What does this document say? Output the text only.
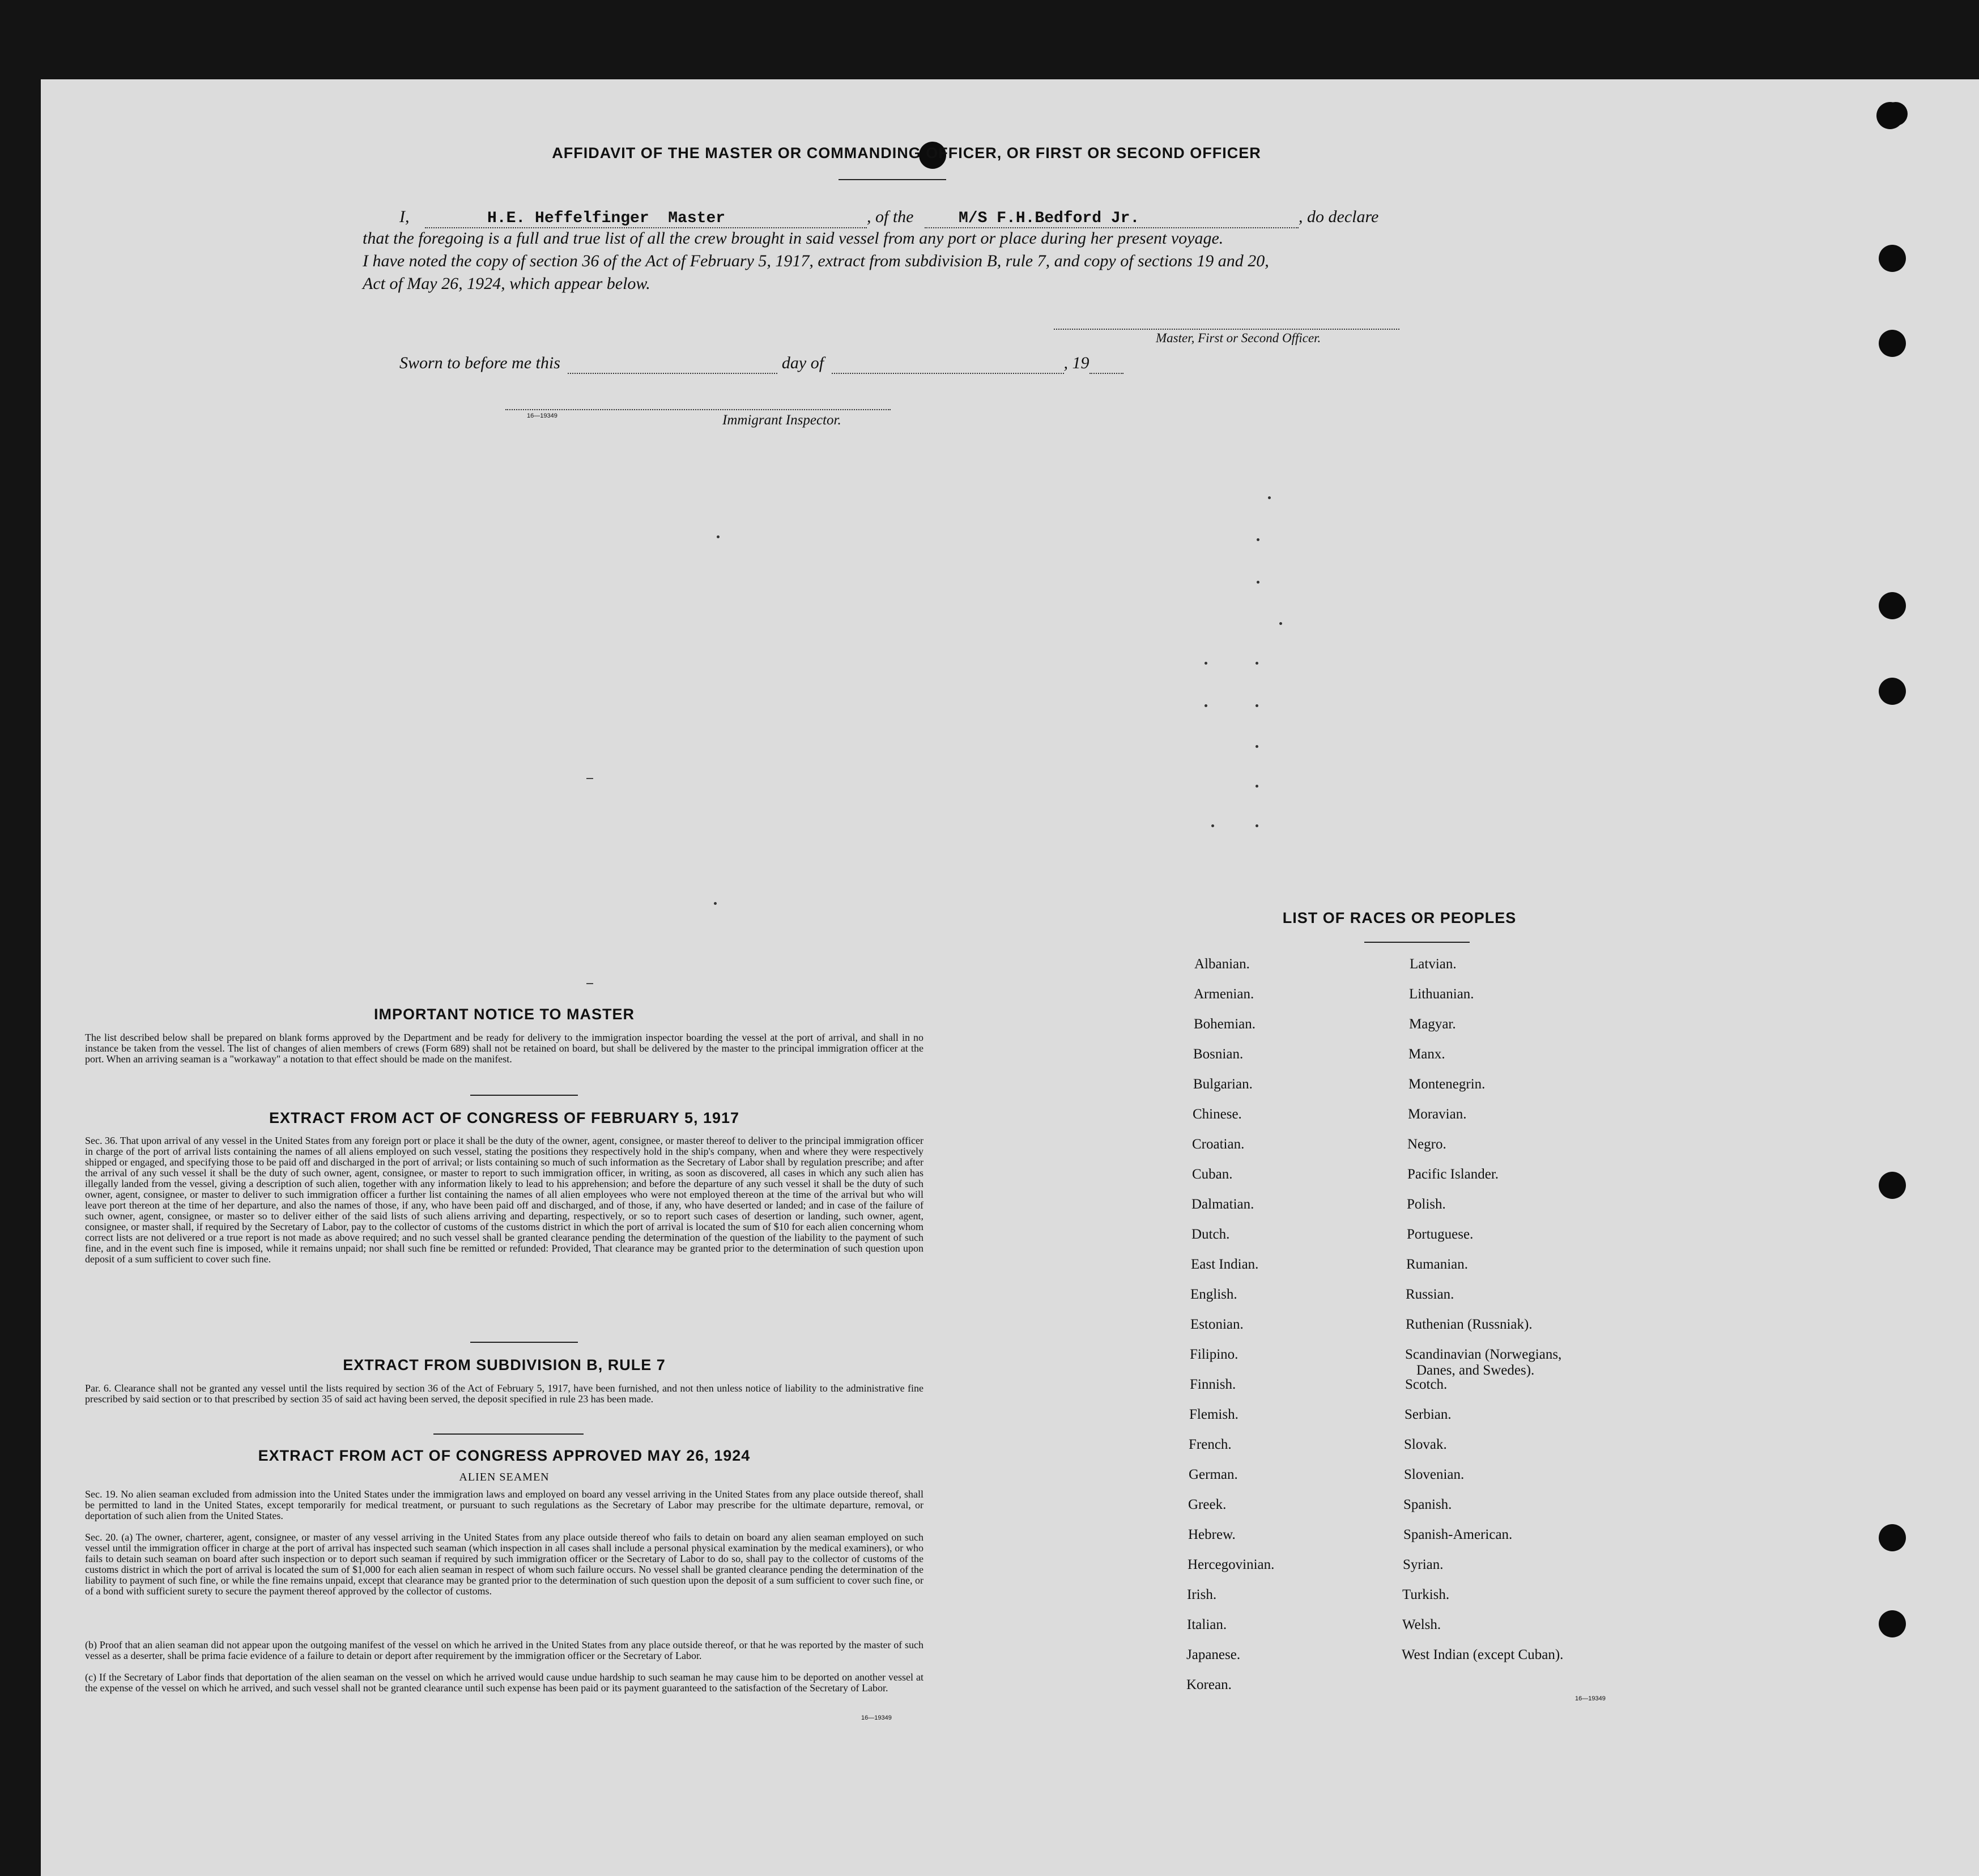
AFFIDAVIT OF THE MASTER OR COMMANDING OFFICER, OR FIRST OR SECOND OFFICER
I,	H.E. Heffelfinger  Master	, of the	M/S F.H.Bedford Jr.	, do declare
that the foregoing is a full and true list of all the crew brought in said vessel from any port or place during her present voyage.
I have noted the copy of section 36 of the Act of February 5, 1917, extract from subdivision B, rule 7, and copy of sections 19 and 20,
Act of May 26, 1924, which appear below.
Master, First or Second Officer.
Sworn to before me this	day of	, 19
16—19349	Immigrant Inspector.
IMPORTANT NOTICE TO MASTER

The list described below shall be prepared on blank forms approved by the Department and be ready for delivery to the immigration inspector boarding the vessel at the port of arrival, and shall in no instance be taken from the vessel. The list of changes of alien members of crews (Form 689) shall not be retained on board, but shall be delivered by the master to the principal immigration officer at the port. When an arriving seaman is a "workaway" a notation to that effect should be made on the manifest.

EXTRACT FROM ACT OF CONGRESS OF FEBRUARY 5, 1917

Sec. 36. That upon arrival of any vessel in the United States from any foreign port or place it shall be the duty of the owner, agent, consignee, or master thereof to deliver to the principal immigration officer in charge of the port of arrival lists containing the names of all aliens employed on such vessel, stating the positions they respectively hold in the ship's company, when and where they were respectively shipped or engaged, and specifying those to be paid off and discharged in the port of arrival; or lists containing so much of such information as the Secretary of Labor shall by regulation prescribe; and after the arrival of any such vessel it shall be the duty of such owner, agent, consignee, or master to report to such immigration officer, in writing, as soon as discovered, all cases in which any such alien has illegally landed from the vessel, giving a description of such alien, together with any information likely to lead to his apprehension; and before the departure of any such vessel it shall be the duty of such owner, agent, consignee, or master to deliver to such immigration officer a further list containing the names of all alien employees who were not employed thereon at the time of the arrival but who will leave port thereon at the time of her departure, and also the names of those, if any, who have been paid off and discharged, and of those, if any, who have deserted or landed; and in case of the failure of such owner, agent, consignee, or master so to deliver either of the said lists of such aliens arriving and departing, respectively, or so to report such cases of desertion or landing, such owner, agent, consignee, or master shall, if required by the Secretary of Labor, pay to the collector of customs of the customs district in which the port of arrival is located the sum of $10 for each alien concerning whom correct lists are not delivered or a true report is not made as above required; and no such vessel shall be granted clearance pending the determination of the question of the liability to the payment of such fine, and in the event such fine is imposed, while it remains unpaid; nor shall such fine be remitted or refunded: Provided, That clearance may be granted prior to the determination of such question upon deposit of a sum sufficient to cover such fine.

EXTRACT FROM SUBDIVISION B, RULE 7

Par. 6. Clearance shall not be granted any vessel until the lists required by section 36 of the Act of February 5, 1917, have been furnished, and not then unless notice of liability to the administrative fine prescribed by said section or to that prescribed by section 35 of said act having been served, the deposit specified in rule 23 has been made.

EXTRACT FROM ACT OF CONGRESS APPROVED MAY 26, 1924
ALIEN SEAMEN

Sec. 19. No alien seaman excluded from admission into the United States under the immigration laws and employed on board any vessel arriving in the United States from any place outside thereof, shall be permitted to land in the United States, except temporarily for medical treatment, or pursuant to such regulations as the Secretary of Labor may prescribe for the ultimate departure, removal, or deportation of such alien from the United States.

Sec. 20. (a) The owner, charterer, agent, consignee, or master of any vessel arriving in the United States from any place outside thereof who fails to detain on board any alien seaman employed on such vessel until the immigration officer in charge at the port of arrival has inspected such seaman (which inspection in all cases shall include a personal physical examination by the medical examiners), or who fails to detain such seaman on board after such inspection or to deport such seaman if required by such immigration officer or the Secretary of Labor to do so, shall pay to the collector of customs of the customs district in which the port of arrival is located the sum of $1,000 for each alien seaman in respect of whom such failure occurs. No vessel shall be granted clearance pending the determination of the liability to payment of such fine, or while the fine remains unpaid, except that clearance may be granted prior to the determination of such question upon the deposit of a sum sufficient to cover such fine, or of a bond with sufficient surety to secure the payment thereof approved by the collector of customs.

(b) Proof that an alien seaman did not appear upon the outgoing manifest of the vessel on which he arrived in the United States from any place outside thereof, or that he was reported by the master of such vessel as a deserter, shall be prima facie evidence of a failure to detain or deport after requirement by the immigration officer or the Secretary of Labor.

(c) If the Secretary of Labor finds that deportation of the alien seaman on the vessel on which he arrived would cause undue hardship to such seaman he may cause him to be deported on another vessel at the expense of the vessel on which he arrived, and such vessel shall not be granted clearance until such expense has been paid or its payment guaranteed to the satisfaction of the Secretary of Labor.

16—19349
LIST OF RACES OR PEOPLES
Albanian.
Armenian.
Bohemian.
Bosnian.
Bulgarian.
Chinese.
Croatian.
Cuban.
Dalmatian.
Dutch.
East Indian.
English.
Estonian.
Filipino.
Finnish.
Flemish.
French.
German.
Greek.
Hebrew.
Hercegovinian.
Irish.
Italian.
Japanese.
Korean.
Latvian.
Lithuanian.
Magyar.
Manx.
Montenegrin.
Moravian.
Negro.
Pacific Islander.
Polish.
Portuguese.
Rumanian.
Russian.
Ruthenian (Russniak).
Scandinavian (Norwegians,
Danes, and Swedes).
Scotch.
Serbian.
Slovak.
Slovenian.
Spanish.
Spanish-American.
Syrian.
Turkish.
Welsh.
West Indian (except Cuban).
16—19349
